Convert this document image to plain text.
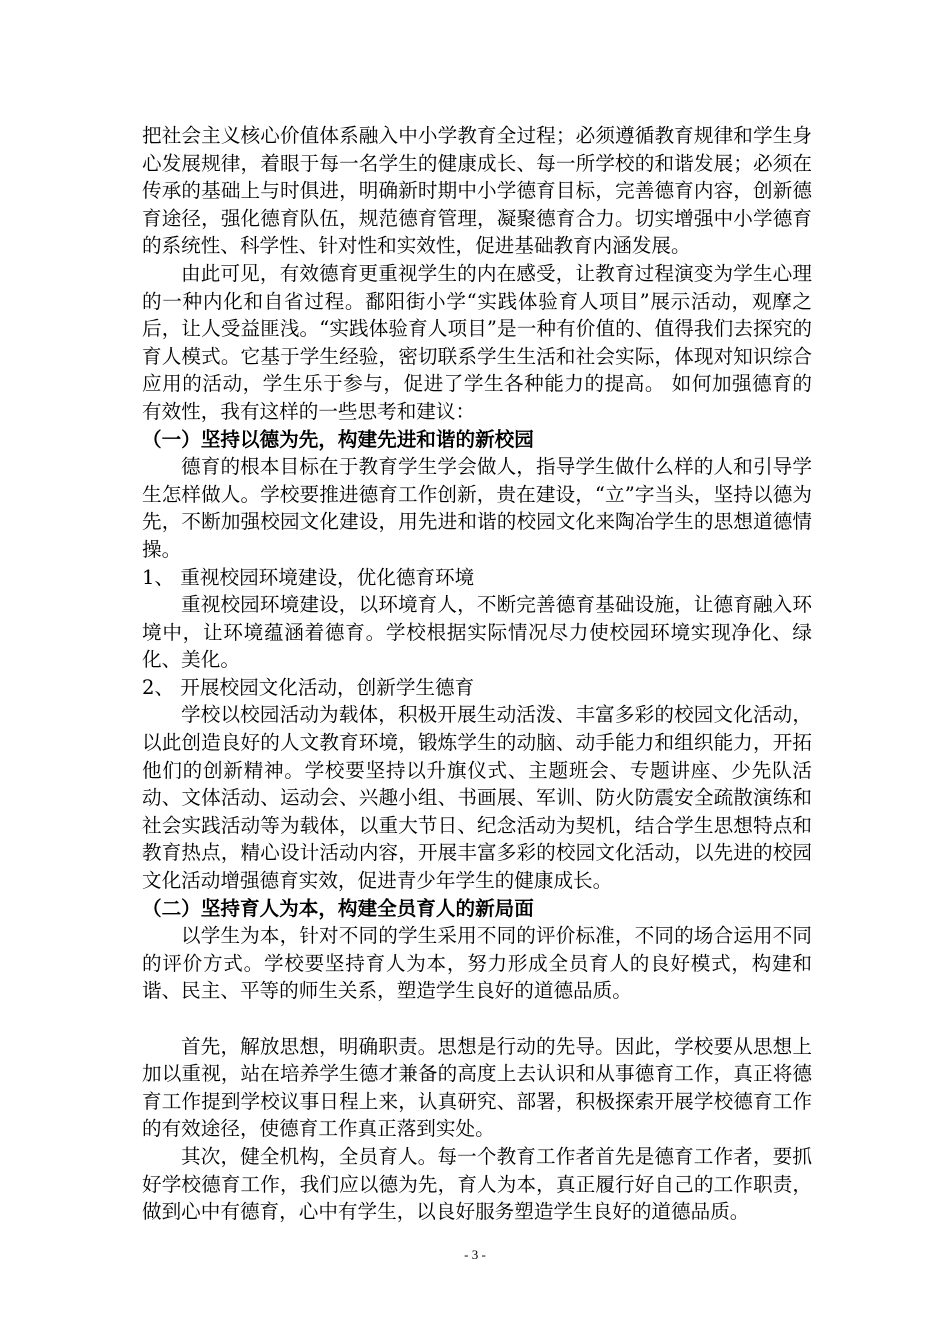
把社会主义核心价值体系融入中小学教育全过程；必须遵循教育规律和学生身心发展规律，着眼于每一名学生的健康成长、每一所学校的和谐发展；必须在传承的基础上与时俱进，明确新时期中小学德育目标，完善德育内容，创新德育途径，强化德育队伍，规范德育管理，凝聚德育合力。切实增强中小学德育的系统性、科学性、针对性和实效性，促进基础教育内涵发展。

由此可见，有效德育更重视学生的内在感受，让教育过程演变为学生心理的一种内化和自省过程。鄱阳街小学“实践体验育人项目”展示活动，观摩之后，让人受益匪浅。“实践体验育人项目”是一种有价值的、值得我们去探究的育人模式。它基于学生经验，密切联系学生生活和社会实际，体现对知识综合应用的活动，学生乐于参与，促进了学生各种能力的提高。 如何加强德育的有效性，我有这样的一些思考和建议：

（一）坚持以德为先，构建先进和谐的新校园

德育的根本目标在于教育学生学会做人，指导学生做什么样的人和引导学生怎样做人。学校要推进德育工作创新，贵在建设，“立”字当头，坚持以德为先，不断加强校园文化建设，用先进和谐的校园文化来陶冶学生的思想道德情操。

1、 重视校园环境建设，优化德育环境

重视校园环境建设，以环境育人，不断完善德育基础设施，让德育融入环境中，让环境蕴涵着德育。学校根据实际情况尽力使校园环境实现净化、绿化、美化。

2、 开展校园文化活动，创新学生德育

学校以校园活动为载体，积极开展生动活泼、丰富多彩的校园文化活动，以此创造良好的人文教育环境，锻炼学生的动脑、动手能力和组织能力，开拓他们的创新精神。学校要坚持以升旗仪式、主题班会、专题讲座、少先队活动、文体活动、运动会、兴趣小组、书画展、军训、防火防震安全疏散演练和社会实践活动等为载体，以重大节日、纪念活动为契机，结合学生思想特点和教育热点，精心设计活动内容，开展丰富多彩的校园文化活动，以先进的校园文化活动增强德育实效，促进青少年学生的健康成长。

（二）坚持育人为本，构建全员育人的新局面

以学生为本，针对不同的学生采用不同的评价标准，不同的场合运用不同的评价方式。学校要坚持育人为本，努力形成全员育人的良好模式，构建和谐、民主、平等的师生关系，塑造学生良好的道德品质。

首先，解放思想，明确职责。思想是行动的先导。因此，学校要从思想上加以重视，站在培养学生德才兼备的高度上去认识和从事德育工作，真正将德育工作提到学校议事日程上来，认真研究、部署，积极探索开展学校德育工作的有效途径，使德育工作真正落到实处。

其次，健全机构，全员育人。每一个教育工作者首先是德育工作者，要抓好学校德育工作，我们应以德为先，育人为本，真正履行好自己的工作职责，做到心中有德育，心中有学生，以良好服务塑造学生良好的道德品质。

- 3 -
